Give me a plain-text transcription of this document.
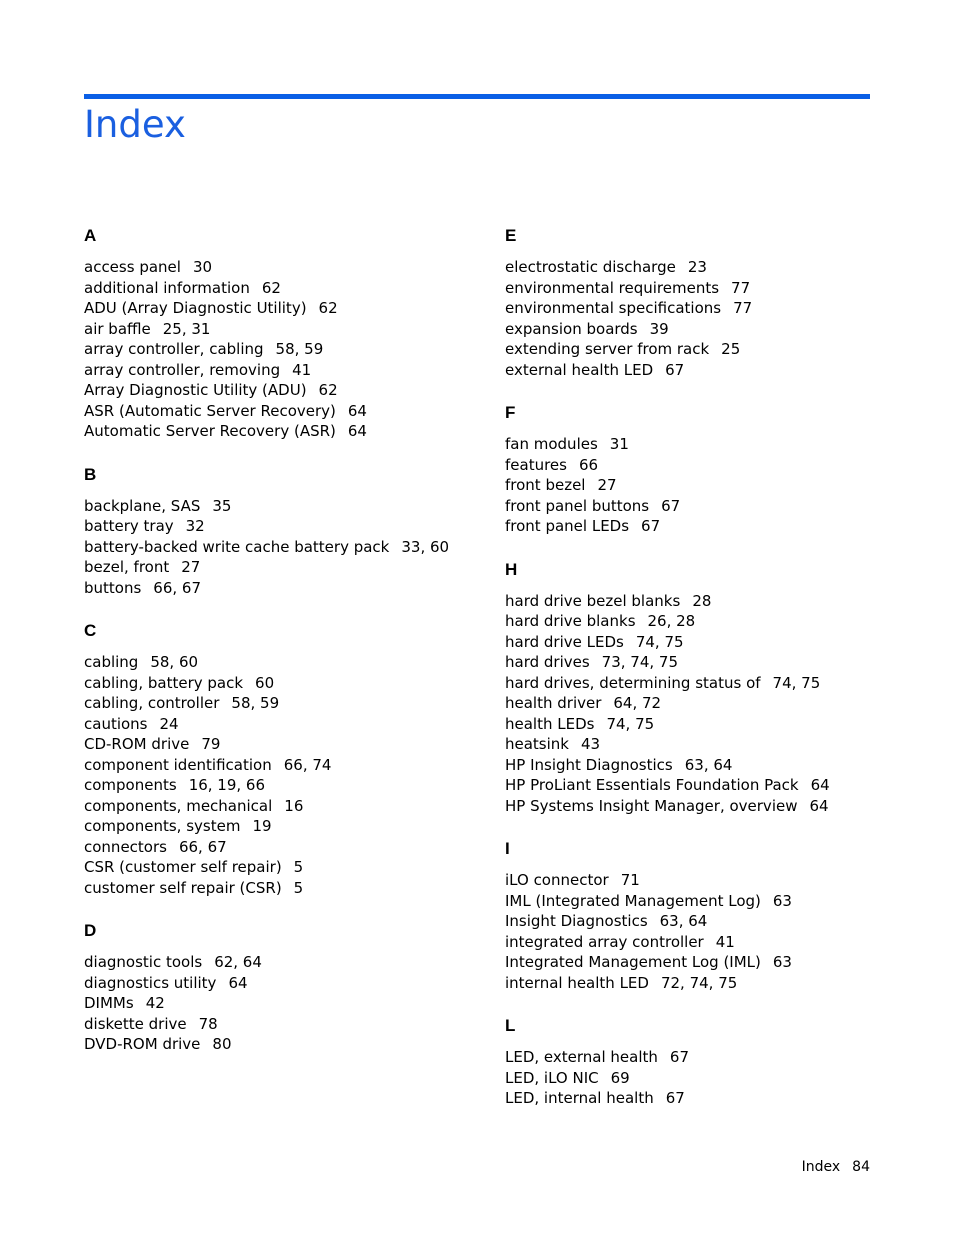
Index
A
access panel 30
additional information 62
ADU (Array Diagnostic Utility) 62
air baffle 25, 31
array controller, cabling 58, 59
array controller, removing 41
Array Diagnostic Utility (ADU) 62
ASR (Automatic Server Recovery) 64
Automatic Server Recovery (ASR) 64
B
backplane, SAS 35
battery tray 32
battery-backed write cache battery pack 33, 60
bezel, front 27
buttons 66, 67
C
cabling 58, 60
cabling, battery pack 60
cabling, controller 58, 59
cautions 24
CD-ROM drive 79
component identification 66, 74
components 16, 19, 66
components, mechanical 16
components, system 19
connectors 66, 67
CSR (customer self repair) 5
customer self repair (CSR) 5
D
diagnostic tools 62, 64
diagnostics utility 64
DIMMs 42
diskette drive 78
DVD-ROM drive 80
E
electrostatic discharge 23
environmental requirements 77
environmental specifications 77
expansion boards 39
extending server from rack 25
external health LED 67
F
fan modules 31
features 66
front bezel 27
front panel buttons 67
front panel LEDs 67
H
hard drive bezel blanks 28
hard drive blanks 26, 28
hard drive LEDs 74, 75
hard drives 73, 74, 75
hard drives, determining status of 74, 75
health driver 64, 72
health LEDs 74, 75
heatsink 43
HP Insight Diagnostics 63, 64
HP ProLiant Essentials Foundation Pack 64
HP Systems Insight Manager, overview 64
I
iLO connector 71
IML (Integrated Management Log) 63
Insight Diagnostics 63, 64
integrated array controller 41
Integrated Management Log (IML) 63
internal health LED 72, 74, 75
L
LED, external health 67
LED, iLO NIC 69
LED, internal health 67
Index 84
